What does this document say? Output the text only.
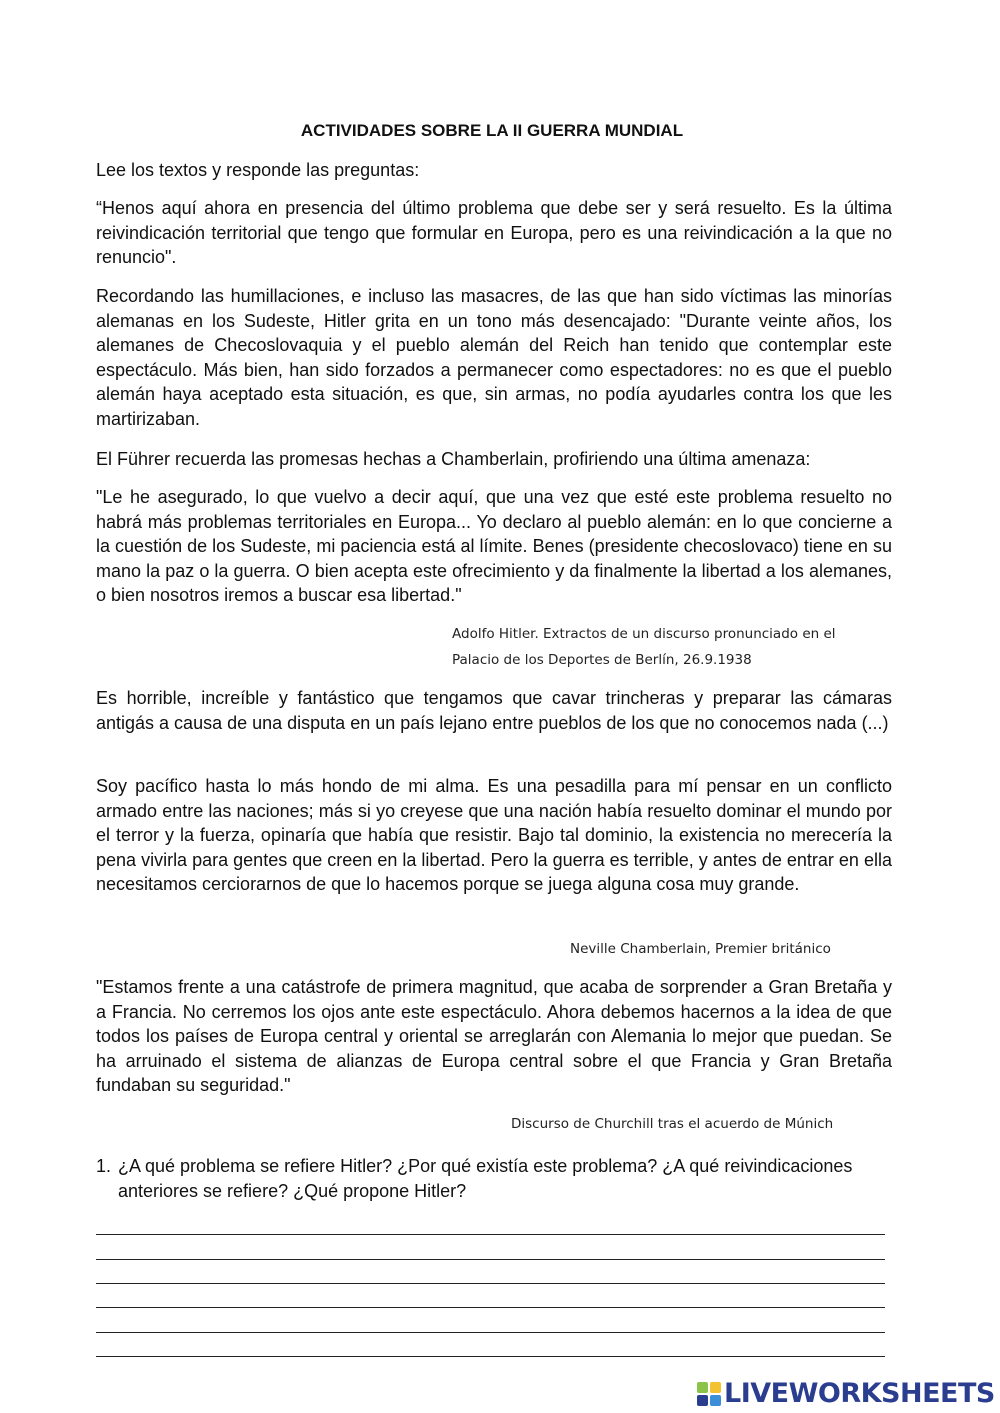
ACTIVIDADES SOBRE LA II GUERRA MUNDIAL

Lee los textos y responde las preguntas:

“Henos aquí ahora en presencia del último problema que debe ser y será resuelto. Es la última reivindicación territorial que tengo que formular en Europa, pero es una reivindicación a la que no renuncio".

Recordando las humillaciones, e incluso las masacres, de las que han sido víctimas las minorías alemanas en los Sudeste, Hitler grita en un tono más desencajado: "Durante veinte años, los alemanes de Checoslovaquia y el pueblo alemán del Reich han tenido que contemplar este espectáculo. Más bien, han sido forzados a permanecer como espectadores: no es que el pueblo alemán haya aceptado esta situación, es que, sin armas, no podía ayudarles contra los que les martirizaban.

El Führer recuerda las promesas hechas a Chamberlain, profiriendo una última amenaza:

"Le he asegurado, lo que vuelvo a decir aquí, que una vez que esté este problema resuelto no habrá más problemas territoriales en Europa... Yo declaro al pueblo alemán: en lo que concierne a la cuestión de los Sudeste, mi paciencia está al límite. Benes (presidente checoslovaco) tiene en su mano la paz o la guerra. O bien acepta este ofrecimiento y da finalmente la libertad a los alemanes, o bien nosotros iremos a buscar esa libertad."

Adolfo Hitler. Extractos de un discurso pronunciado en el

Palacio de los Deportes de Berlín, 26.9.1938

Es horrible, increíble y fantástico que tengamos que cavar trincheras y preparar las cámaras antigás a causa de una disputa en un país lejano entre pueblos de los que no conocemos nada (...)

Soy pacífico hasta lo más hondo de mi alma. Es una pesadilla para mí pensar en un conflicto armado entre las naciones; más si yo creyese que una nación había resuelto dominar el mundo por el terror y la fuerza, opinaría que había que resistir. Bajo tal dominio, la existencia no merecería la pena vivirla para gentes que creen en la libertad. Pero la guerra es terrible, y antes de entrar en ella necesitamos cerciorarnos de que lo hacemos porque se juega alguna cosa muy grande.

Neville Chamberlain, Premier británico

"Estamos frente a una catástrofe de primera magnitud, que acaba de sorprender a Gran Bretaña y a Francia. No cerremos los ojos ante este espectáculo. Ahora debemos hacernos a la idea de que todos los países de Europa central y oriental se arreglarán con Alemania lo mejor que puedan. Se ha arruinado el sistema de alianzas de Europa central sobre el que Francia y Gran Bretaña fundaban su seguridad."

Discurso de Churchill tras el acuerdo de Múnich

1. ¿A qué problema se refiere Hitler? ¿Por qué existía este problema? ¿A qué reivindicaciones anteriores se refiere? ¿Qué propone Hitler?
LIVEWORKSHEETS
